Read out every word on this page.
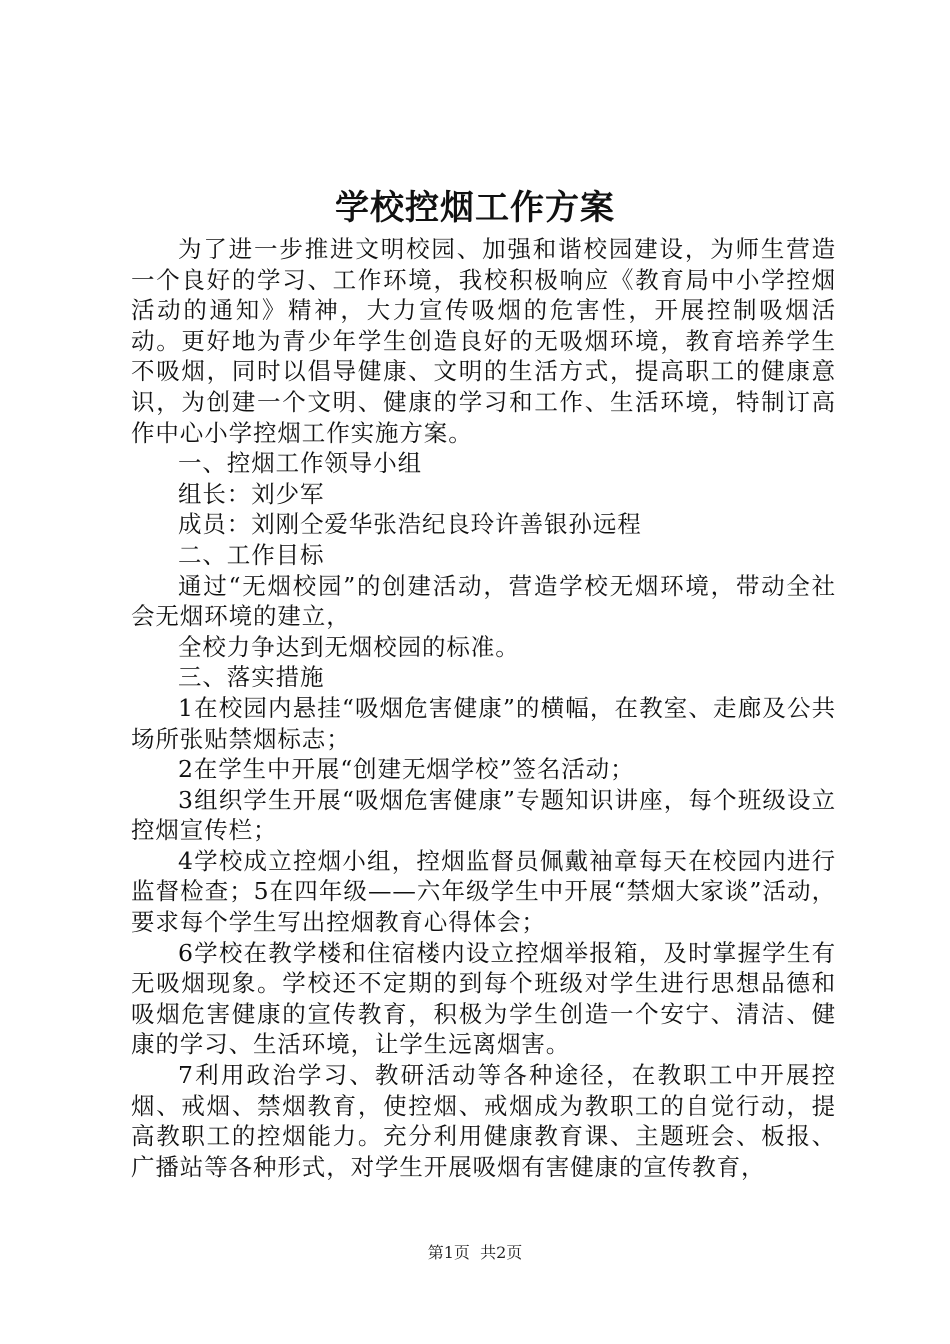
学校控烟工作方案

为了进一步推进文明校园、加强和谐校园建设，为师生营造一个良好的学习、工作环境，我校积极响应《教育局中小学控烟活动的通知》精神，大力宣传吸烟的危害性，开展控制吸烟活动。更好地为青少年学生创造良好的无吸烟环境，教育培养学生不吸烟，同时以倡导健康、文明的生活方式，提高职工的健康意识，为创建一个文明、健康的学习和工作、生活环境，特制订高作中心小学控烟工作实施方案。

一、控烟工作领导小组

组长：刘少军

成员：刘刚仝爱华张浩纪良玲许善银孙远程

二、工作目标

通过“无烟校园”的创建活动，营造学校无烟环境，带动全社会无烟环境的建立，

全校力争达到无烟校园的标准。

三、落实措施

1在校园内悬挂“吸烟危害健康”的横幅，在教室、走廊及公共场所张贴禁烟标志；

2在学生中开展“创建无烟学校”签名活动；

3组织学生开展“吸烟危害健康”专题知识讲座，每个班级设立控烟宣传栏；

4学校成立控烟小组，控烟监督员佩戴袖章每天在校园内进行监督检查；5在四年级——六年级学生中开展“禁烟大家谈”活动，要求每个学生写出控烟教育心得体会；

6学校在教学楼和住宿楼内设立控烟举报箱，及时掌握学生有无吸烟现象。学校还不定期的到每个班级对学生进行思想品德和吸烟危害健康的宣传教育，积极为学生创造一个安宁、清洁、健康的学习、生活环境，让学生远离烟害。

7利用政治学习、教研活动等各种途径，在教职工中开展控烟、戒烟、禁烟教育，使控烟、戒烟成为教职工的自觉行动，提高教职工的控烟能力。充分利用健康教育课、主题班会、板报、广播站等各种形式，对学生开展吸烟有害健康的宣传教育，

第1页 共2页
